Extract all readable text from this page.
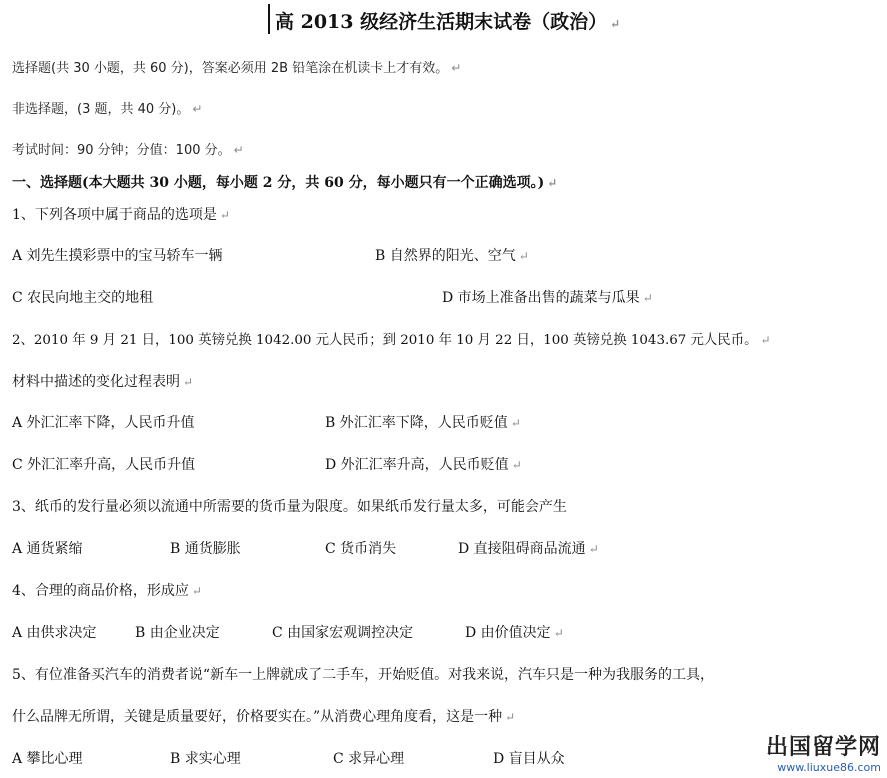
高 2013 级经济生活期末试卷（政治） ↵
选择题(共 30 小题，共 60 分)，答案必须用 2B 铅笔涂在机读卡上才有效。 ↵
非选择题，(3 题，共 40 分)。 ↵
考试时间：90 分钟；分值：100 分。 ↵
一、选择题(本大题共 30 小题，每小题 2 分，共 60 分，每小题只有一个正确选项。) ↵
1、下列各项中属于商品的选项是 ↵
A 刘先生摸彩票中的宝马轿车一辆	B 自然界的阳光、空气 ↵
C 农民向地主交的地租	D 市场上准备出售的蔬菜与瓜果 ↵
2、2010 年 9 月 21 日，100 英镑兑换 1042.00 元人民币；到 2010 年 10 月 22 日，100 英镑兑换 1043.67 元人民币。 ↵
材料中描述的变化过程表明 ↵
A 外汇汇率下降，人民币升值	B 外汇汇率下降，人民币贬值 ↵
C 外汇汇率升高，人民币升值	D 外汇汇率升高，人民币贬值 ↵
3、纸币的发行量必须以流通中所需要的货币量为限度。如果纸币发行量太多，可能会产生
A 通货紧缩	B 通货膨胀	C 货币消失	D 直接阻碍商品流通 ↵
4、合理的商品价格，形成应 ↵
A 由供求决定	B 由企业决定	C 由国家宏观调控决定	D 由价值决定 ↵
5、有位准备买汽车的消费者说“新车一上牌就成了二手车，开始贬值。对我来说，汽车只是一种为我服务的工具，
什么品牌无所谓，关键是质量要好，价格要实在。”从消费心理角度看，这是一种 ↵
A 攀比心理	B 求实心理	C 求异心理	D 盲目从众	出国留学网
www.liuxue86.com
